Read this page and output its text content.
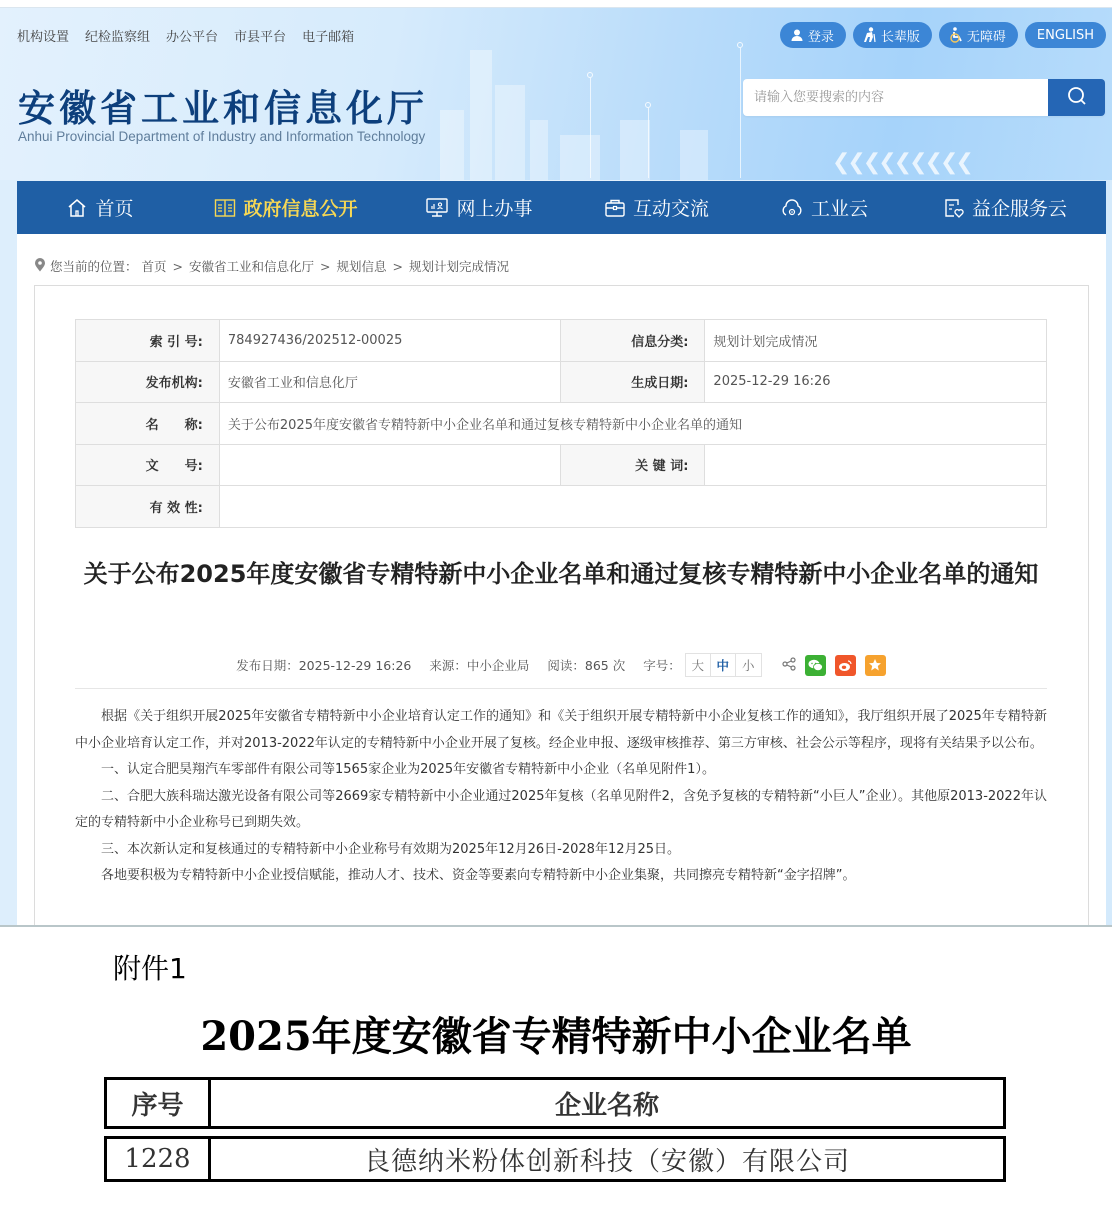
❮❮❮❮❮❮❮❮❮
机构设置 纪检监察组 办公平台 市县平台 电子邮箱	登录	长辈版	无障碍 ENGLISH
安徽省工业和信息化厅
Anhui Provincial Department of Industry and Information Technology
请输入您要搜索的内容
首页	政府信息公开	网上办事	互动交流	工业云	益企服务云
您当前的位置： 首页 > 安徽省工业和信息化厅 > 规划信息 > 规划计划完成情况
索 引 号:	784927436/202512-00025	信息分类:	规划计划完成情况
发布机构:	安徽省工业和信息化厅	生成日期:	2025-12-29 16:26
名　　称:	关于公布2025年度安徽省专精特新中小企业名单和通过复核专精特新中小企业名单的通知		
文　　号:		关 键 词:	
有 效 性:			
关于公布2025年度安徽省专精特新中小企业名单和通过复核专精特新中小企业名单的通知
发布日期：2025-12-29 16:26 来源：中小企业局 阅读：865 次 字号： 大 中	小

根据《关于组织开展2025年安徽省专精特新中小企业培育认定工作的通知》和《关于组织开展专精特新中小企业复核工作的通知》，我厅组织开展了2025年专精特新中小企业培育认定工作，并对2013-2022年认定的专精特新中小企业开展了复核。经企业申报、逐级审核推荐、第三方审核、社会公示等程序，现将有关结果予以公布。

一、认定合肥昊翔汽车零部件有限公司等1565家企业为2025年安徽省专精特新中小企业（名单见附件1）。

二、合肥大族科瑞达激光设备有限公司等2669家专精特新中小企业通过2025年复核（名单见附件2，含免予复核的专精特新“小巨人”企业）。其他原2013-2022年认定的专精特新中小企业称号已到期失效。

三、本次新认定和复核通过的专精特新中小企业称号有效期为2025年12月26日-2028年12月25日。

各地要积极为专精特新中小企业授信赋能，推动人才、技术、资金等要素向专精特新中小企业集聚，共同擦亮专精特新“金字招牌”。

附件1
2025年度安徽省专精特新中小企业名单
序号	企业名称
1228	良德纳米粉体创新科技（安徽）有限公司
